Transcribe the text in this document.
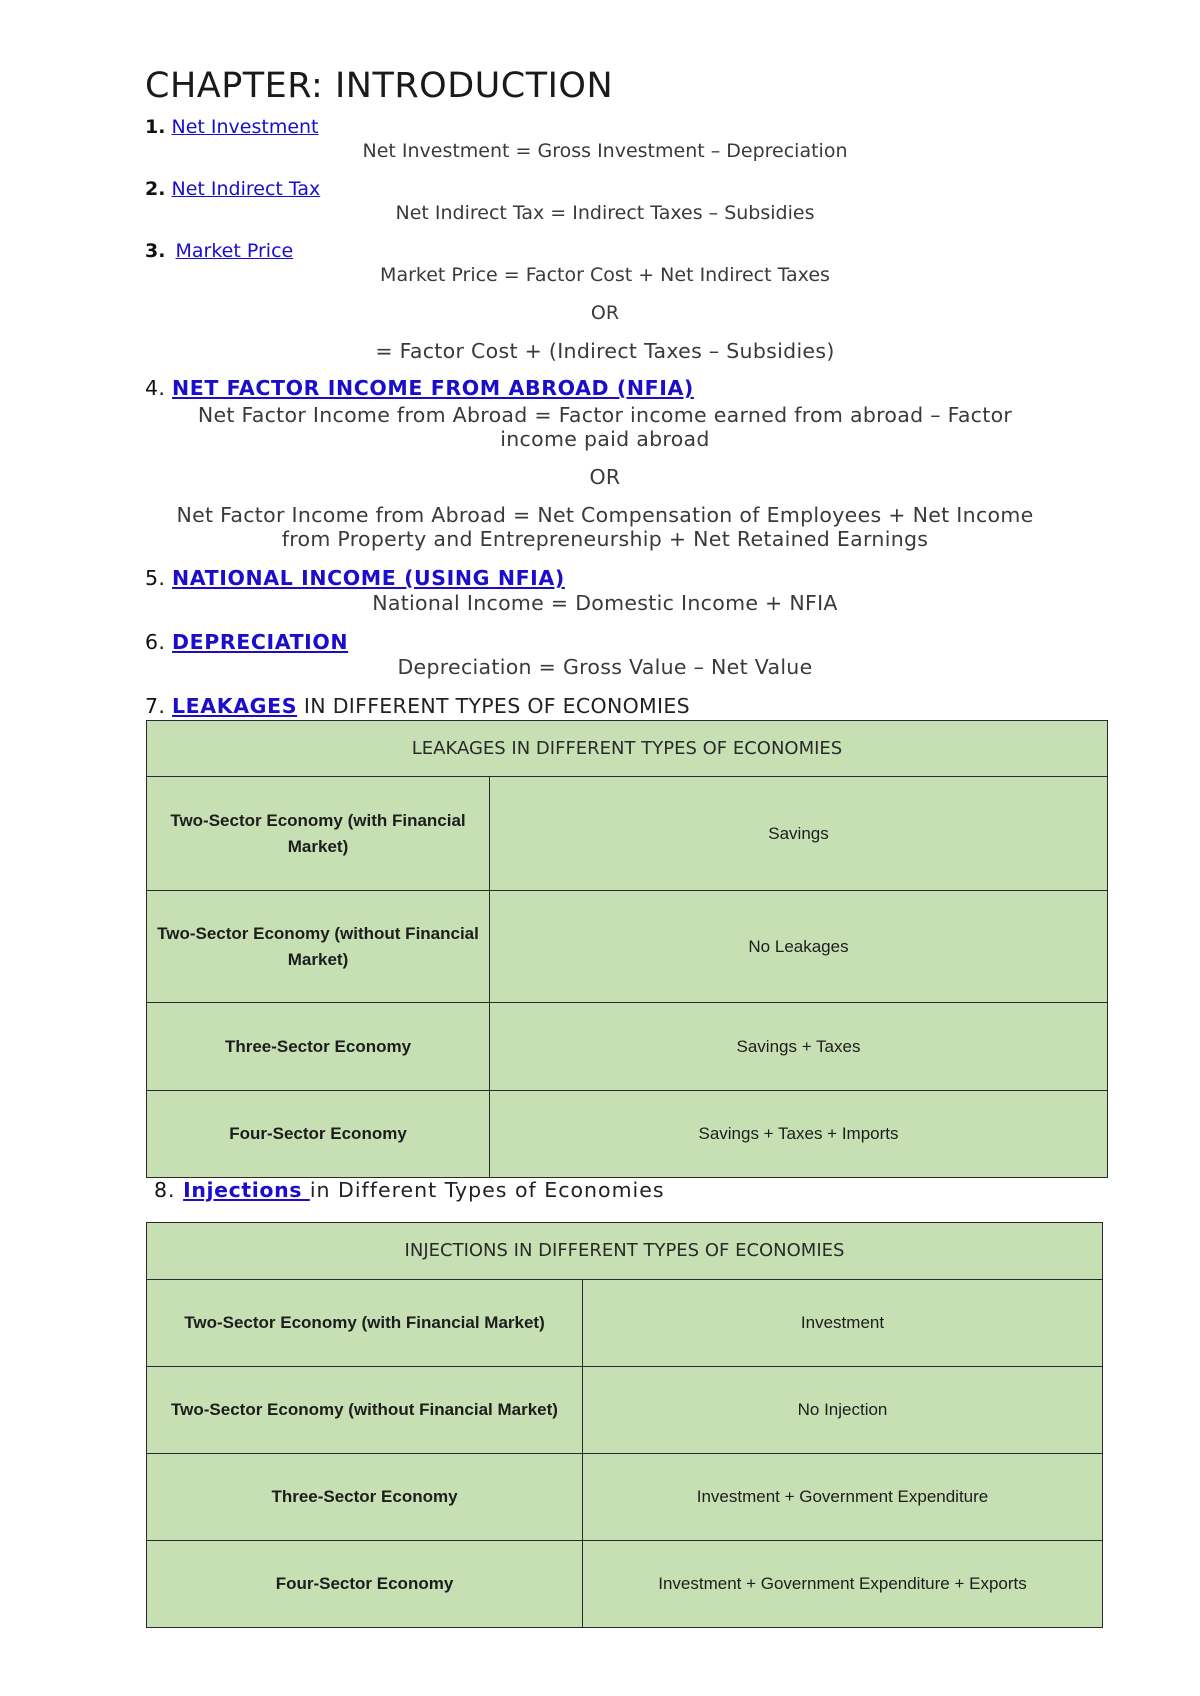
CHAPTER: INTRODUCTION
1. Net Investment
Net Investment = Gross Investment – Depreciation
2. Net Indirect Tax
Net Indirect Tax = Indirect Taxes – Subsidies
3. Market Price
Market Price = Factor Cost + Net Indirect Taxes
OR
= Factor Cost + (Indirect Taxes – Subsidies)
4. NET FACTOR INCOME FROM ABROAD (NFIA)
Net Factor Income from Abroad = Factor income earned from abroad – Factor income paid abroad
OR
Net Factor Income from Abroad = Net Compensation of Employees + Net Income from Property and Entrepreneurship + Net Retained Earnings
5. NATIONAL INCOME (USING NFIA)
National Income = Domestic Income + NFIA
6. DEPRECIATION
Depreciation = Gross Value – Net Value
7. LEAKAGES IN DIFFERENT TYPES OF ECONOMIES
LEAKAGES IN DIFFERENT TYPES OF ECONOMIES	
Two-Sector Economy (with Financial Market)	Savings
Two-Sector Economy (without Financial Market)	No Leakages
Three-Sector Economy	Savings + Taxes
Four-Sector Economy	Savings + Taxes + Imports
8. Injections in Different Types of Economies
INJECTIONS IN DIFFERENT TYPES OF ECONOMIES	
Two-Sector Economy (with Financial Market)	Investment
Two-Sector Economy (without Financial Market)	No Injection
Three-Sector Economy	Investment + Government Expenditure
Four-Sector Economy	Investment + Government Expenditure + Exports
